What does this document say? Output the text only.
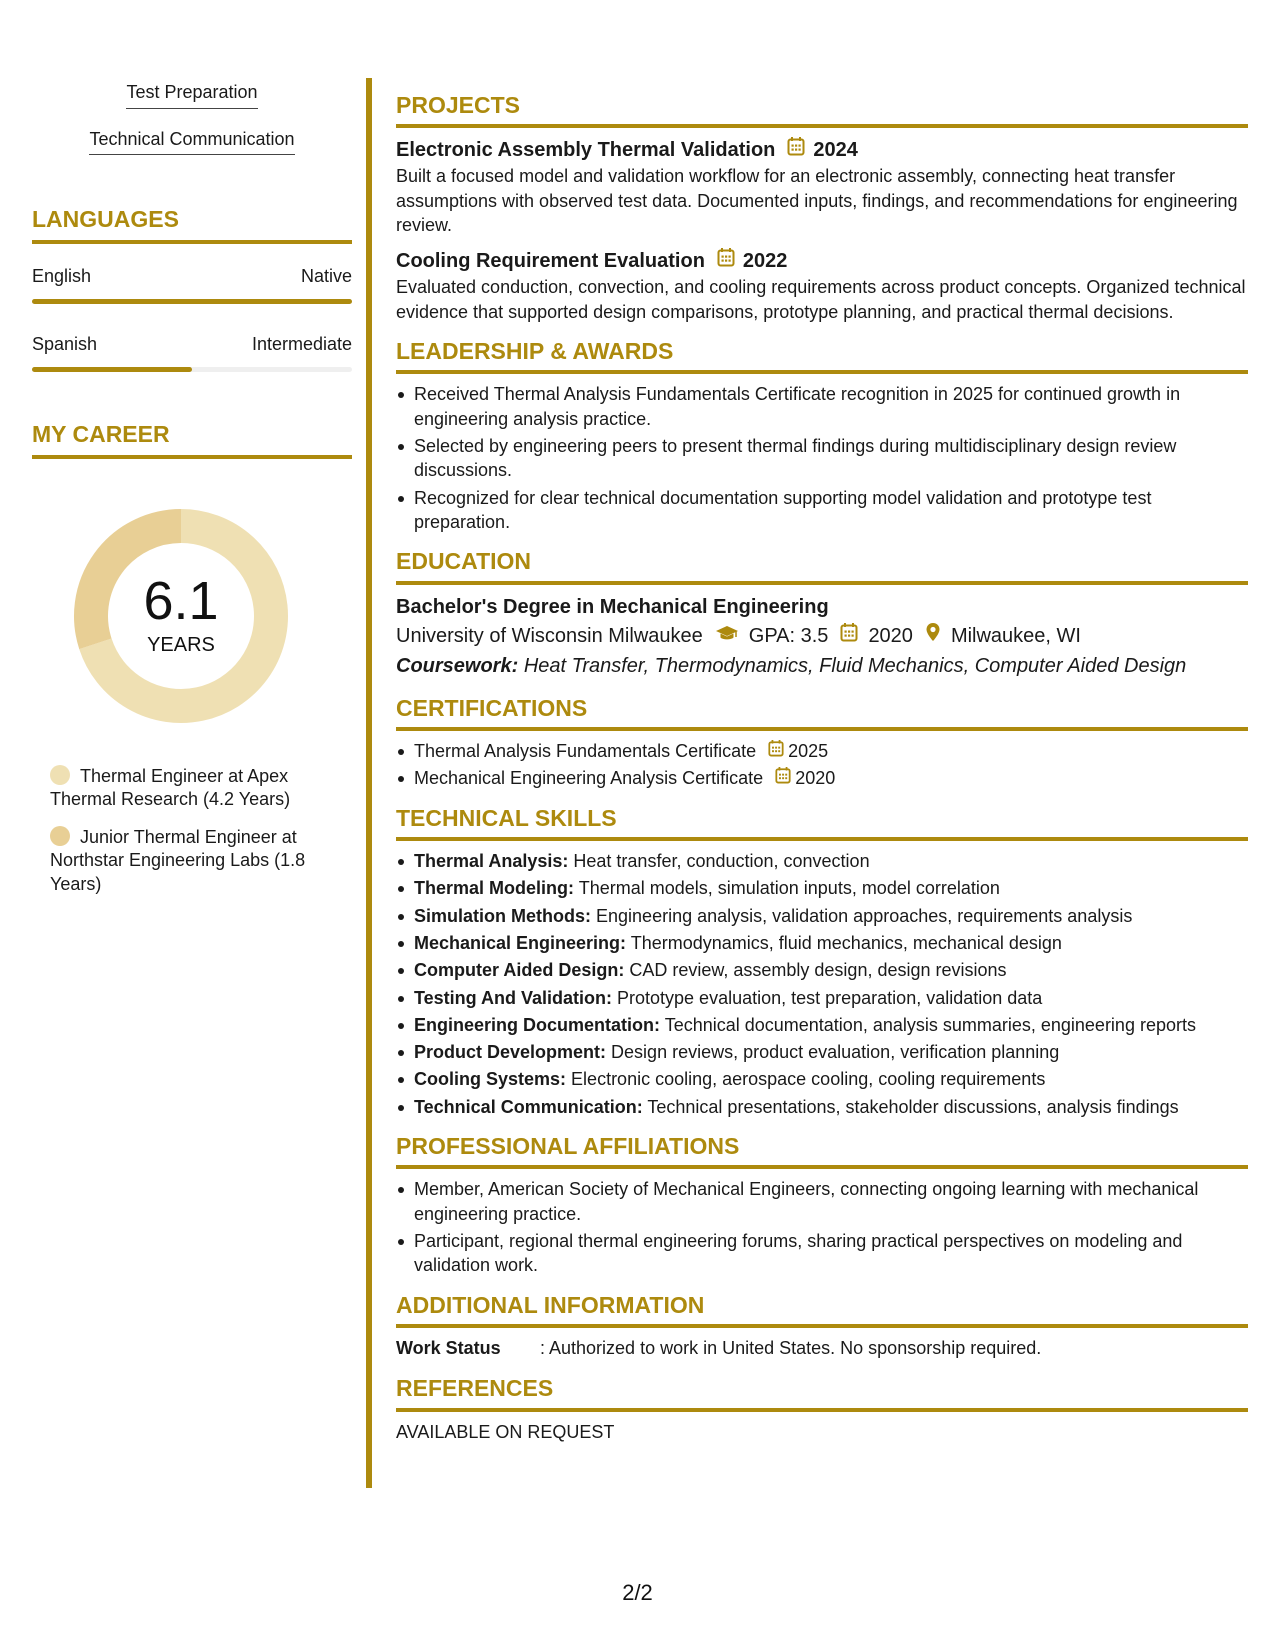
Test Preparation
Technical Communication
LANGUAGES
English	Native
Spanish	Intermediate
MY CAREER
6.1
YEARS
Thermal Engineer at Apex Thermal Research (4.2 Years)
Junior Thermal Engineer at Northstar Engineering Labs (1.8 Years)
PROJECTS
Electronic Assembly Thermal Validation 2024

Built a focused model and validation workflow for an electronic assembly, connecting heat transfer assumptions with observed test data. Documented inputs, findings, and recommendations for engineering review.

Cooling Requirement Evaluation 2022

Evaluated conduction, convection, and cooling requirements across product concepts. Organized technical evidence that supported design comparisons, prototype planning, and practical thermal decisions.

LEADERSHIP & AWARDS
Received Thermal Analysis Fundamentals Certificate recognition in 2025 for continued growth in engineering analysis practice.
Selected by engineering peers to present thermal findings during multidisciplinary design review discussions.
Recognized for clear technical documentation supporting model validation and prototype test preparation.
EDUCATION
Bachelor's Degree in Mechanical Engineering
University of Wisconsin Milwaukee GPA: 3.5 2020 Milwaukee, WI
Coursework: Heat Transfer, Thermodynamics, Fluid Mechanics, Computer Aided Design
CERTIFICATIONS
Thermal Analysis Fundamentals Certificate 2025
Mechanical Engineering Analysis Certificate 2020
TECHNICAL SKILLS
Thermal Analysis: Heat transfer, conduction, convection
Thermal Modeling: Thermal models, simulation inputs, model correlation
Simulation Methods: Engineering analysis, validation approaches, requirements analysis
Mechanical Engineering: Thermodynamics, fluid mechanics, mechanical design
Computer Aided Design: CAD review, assembly design, design revisions
Testing And Validation: Prototype evaluation, test preparation, validation data
Engineering Documentation: Technical documentation, analysis summaries, engineering reports
Product Development: Design reviews, product evaluation, verification planning
Cooling Systems: Electronic cooling, aerospace cooling, cooling requirements
Technical Communication: Technical presentations, stakeholder discussions, analysis findings
PROFESSIONAL AFFILIATIONS
Member, American Society of Mechanical Engineers, connecting ongoing learning with mechanical engineering practice.
Participant, regional thermal engineering forums, sharing practical perspectives on modeling and validation work.
ADDITIONAL INFORMATION
Work Status	: Authorized to work in United States. No sponsorship required.
REFERENCES
AVAILABLE ON REQUEST
2/2
